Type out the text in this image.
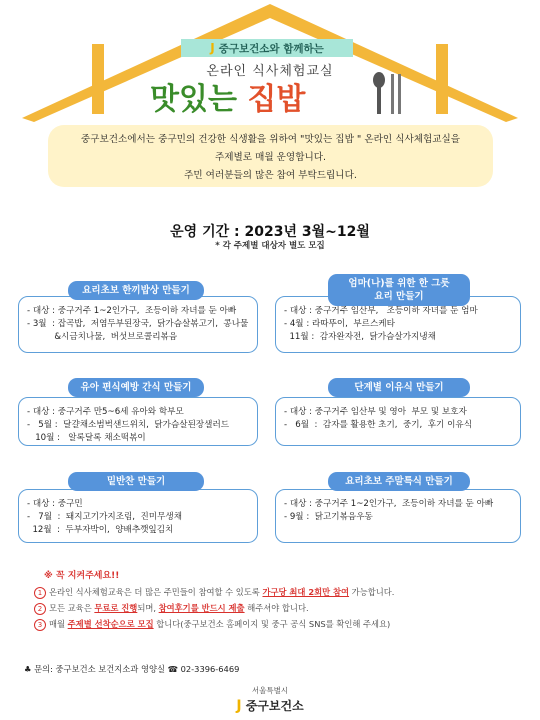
J 중구보건소와 함께하는
온라인 식사체험교실
맛있는 집밥
중구보건소에서는 중구민의 건강한 식생활을 위하여 "맛있는 집밥 " 온라인 식사체험교실을
주제별로 매월 운영합니다.
주민 여러분들의 많은 참여 부탁드립니다.
운영 기간 : 2023년 3월~12월
* 각 주제별 대상자 별도 모집
- 대상 : 중구거주 1~2인가구,  조등이하 자녀를 둔 아빠
- 3월  : 잡곡밥,  저염두부된장국,  닭가슴살볶고기,  콩나물
&시금치나물,  버섯브로콜리볶음
요리초보 한끼밥상 만들기
- 대상 : 중구거주 임산부,   조등이하 자녀를 둔 엄마
- 4월 : 라따뚜이,  부르스케타
11월 :  감자완자전,  닭가슴살가지냉채
엄마(나)를 위한 한 그릇
요리 만들기
- 대상 : 중구거주 만5~6세 유아와 학부모
-   5월 :  달걀채소범벅샌드위치,  닭가슴살된장샐러드
10월 :   알록달록 채소떡볶이
유아 편식예방 간식 만들기
- 대상 : 중구거주 임산부 및 영아  부모 및 보호자
-   6월  :  감자를 활용한 초기,  중기,  후기 이유식
단계별 이유식 만들기
- 대상 : 중구민
-   7월  :  돼지고기가지조림,  진미무생채
12월  :  두부자박이,  양배추깻잎김치
밑반찬 만들기
- 대상 : 중구거주 1~2인가구,  조등이하 자녀를 둔 아빠
- 9월 :  닭고기볶음우동
요리초보 주말특식 만들기
※ 꼭 지켜주세요!!
1 온라인 식사체험교육은 더 많은 주민들이 참여할 수 있도록 가구당 최대 2회만 참여 가능합니다.
2 모든 교육은 무료로 진행되며, 참여후기를 반드시 제출 해주셔야 합니다.
3 매월 주제별 선착순으로 모집 합니다(중구보건소 홈페이지 및 중구 공식 SNS를 확인해 주세요)
♣ 문의: 중구보건소 보건지소과 영양실 ☎ 02-3396-6469
서울특별시
J 중구보건소
